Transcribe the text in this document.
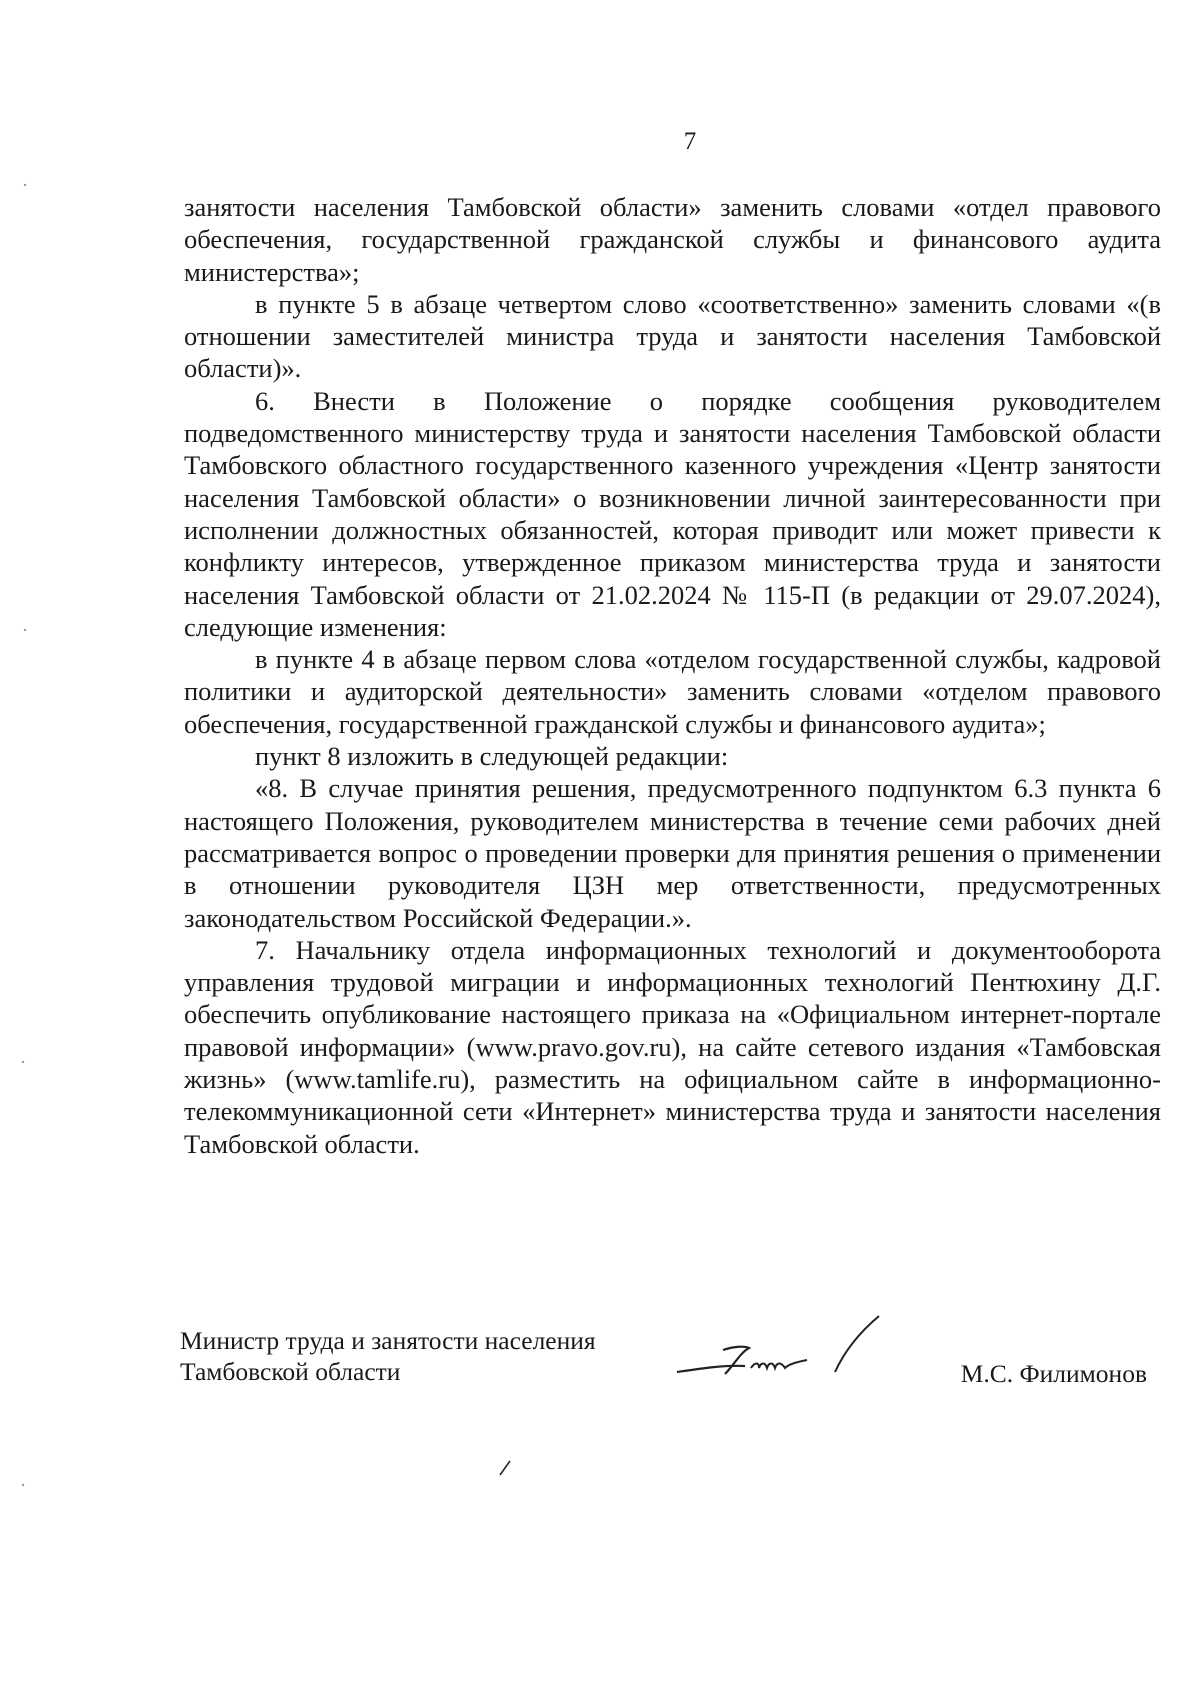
7

занятости населения Тамбовской области» заменить словами «отдел правового обеспечения, государственной гражданской службы и финансового аудита министерства»;

в пункте 5 в абзаце четвертом слово «соответственно» заменить словами «(в отношении заместителей министра труда и занятости населения Тамбовской области)».

6. Внести в Положение о порядке сообщения руководителем подведомственного министерству труда и занятости населения Тамбовской области Тамбовского областного государственного казенного учреждения «Центр занятости населения Тамбовской области» о возникновении личной заинтересованности при исполнении должностных обязанностей, которая приводит или может привести к конфликту интересов, утвержденное приказом министерства труда и занятости населения Тамбовской области от 21.02.2024 № 115-П (в редакции от 29.07.2024), следующие изменения:

в пункте 4 в абзаце первом слова «отделом государственной службы, кадровой политики и аудиторской деятельности» заменить словами «отделом правового обеспечения, государственной гражданской службы и финансового аудита»;

пункт 8 изложить в следующей редакции:

«8. В случае принятия решения, предусмотренного подпунктом 6.3 пункта 6 настоящего Положения, руководителем министерства в течение семи рабочих дней рассматривается вопрос о проведении проверки для принятия решения о применении в отношении руководителя ЦЗН мер ответственности, предусмотренных законодательством Российской Федерации.».

7. Начальнику отдела информационных технологий и документооборота управления трудовой миграции и информационных технологий Пентюхину Д.Г. обеспечить опубликование настоящего приказа на «Официальном интернет-портале правовой информации» (www.pravo.gov.ru), на сайте сетевого издания «Тамбовская жизнь» (www.tamlife.ru), разместить на официальном сайте в информационно-телекоммуникационной сети «Интернет» министерства труда и занятости населения Тамбовской области.

Министр труда и занятости населения
Тамбовской области	М.С. Филимонов
